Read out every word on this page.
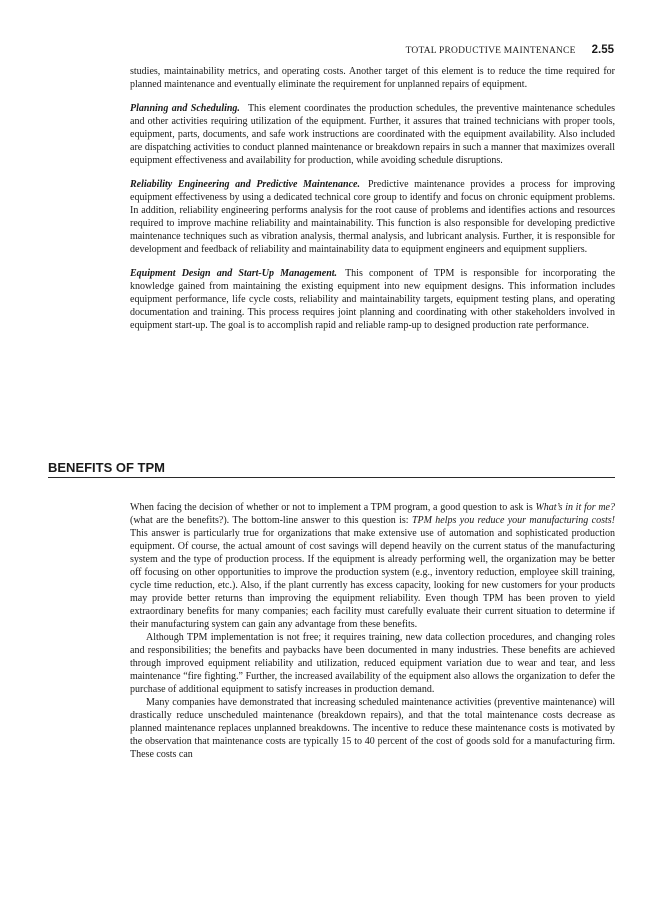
TOTAL PRODUCTIVE MAINTENANCE 2.55

studies, maintainability metrics, and operating costs. Another target of this element is to reduce the time required for planned maintenance and eventually eliminate the requirement for unplanned repairs of equipment.

Planning and Scheduling. This element coordinates the production schedules, the preventive maintenance schedules and other activities requiring utilization of the equipment. Further, it assures that trained technicians with proper tools, equipment, parts, documents, and safe work instructions are coordinated with the equipment availability. Also included are dispatching activities to conduct planned maintenance or breakdown repairs in such a manner that maximizes overall equipment effectiveness and availability for production, while avoiding schedule disruptions.

Reliability Engineering and Predictive Maintenance. Predictive maintenance provides a process for improving equipment effectiveness by using a dedicated technical core group to identify and focus on chronic equipment problems. In addition, reliability engineering performs analysis for the root cause of problems and identifies actions and resources required to improve machine reliability and maintainability. This function is also responsible for developing predictive maintenance techniques such as vibration analysis, thermal analysis, and lubricant analysis. Further, it is responsible for development and feedback of reliability and maintainability data to equipment engineers and equipment suppliers.

Equipment Design and Start-Up Management. This component of TPM is responsible for incorporating the knowledge gained from maintaining the existing equipment into new equipment designs. This information includes equipment performance, life cycle costs, reliability and maintainability targets, equipment testing plans, and operating documentation and training. This process requires joint planning and coordinating with other stakeholders involved in equipment start-up. The goal is to accomplish rapid and reliable ramp-up to designed production rate performance.

BENEFITS OF TPM

When facing the decision of whether or not to implement a TPM program, a good question to ask is What’s in it for me? (what are the benefits?). The bottom-line answer to this question is: TPM helps you reduce your manufacturing costs! This answer is particularly true for organizations that make extensive use of automation and sophisticated production equipment. Of course, the actual amount of cost savings will depend heavily on the current status of the manufacturing system and the type of production process. If the equipment is already performing well, the organization may be better off focusing on other opportunities to improve the production system (e.g., inventory reduction, employee skill training, cycle time reduction, etc.). Also, if the plant currently has excess capacity, looking for new customers for your products may provide better returns than improving the equipment reliability. Even though TPM has been proven to yield extraordinary benefits for many companies; each facility must carefully evaluate their current situation to determine if their manufacturing system can gain any advantage from these benefits.

Although TPM implementation is not free; it requires training, new data collection procedures, and changing roles and responsibilities; the benefits and paybacks have been documented in many industries. These benefits are achieved through improved equipment reliability and utilization, reduced equipment variation due to wear and tear, and less maintenance “fire fighting.” Further, the increased availability of the equipment also allows the organization to defer the purchase of additional equipment to satisfy increases in production demand.

Many companies have demonstrated that increasing scheduled maintenance activities (preventive maintenance) will drastically reduce unscheduled maintenance (breakdown repairs), and that the total maintenance costs decrease as planned maintenance replaces unplanned breakdowns. The incentive to reduce these maintenance costs is motivated by the observation that maintenance costs are typically 15 to 40 percent of the cost of goods sold for a manufacturing firm. These costs can
